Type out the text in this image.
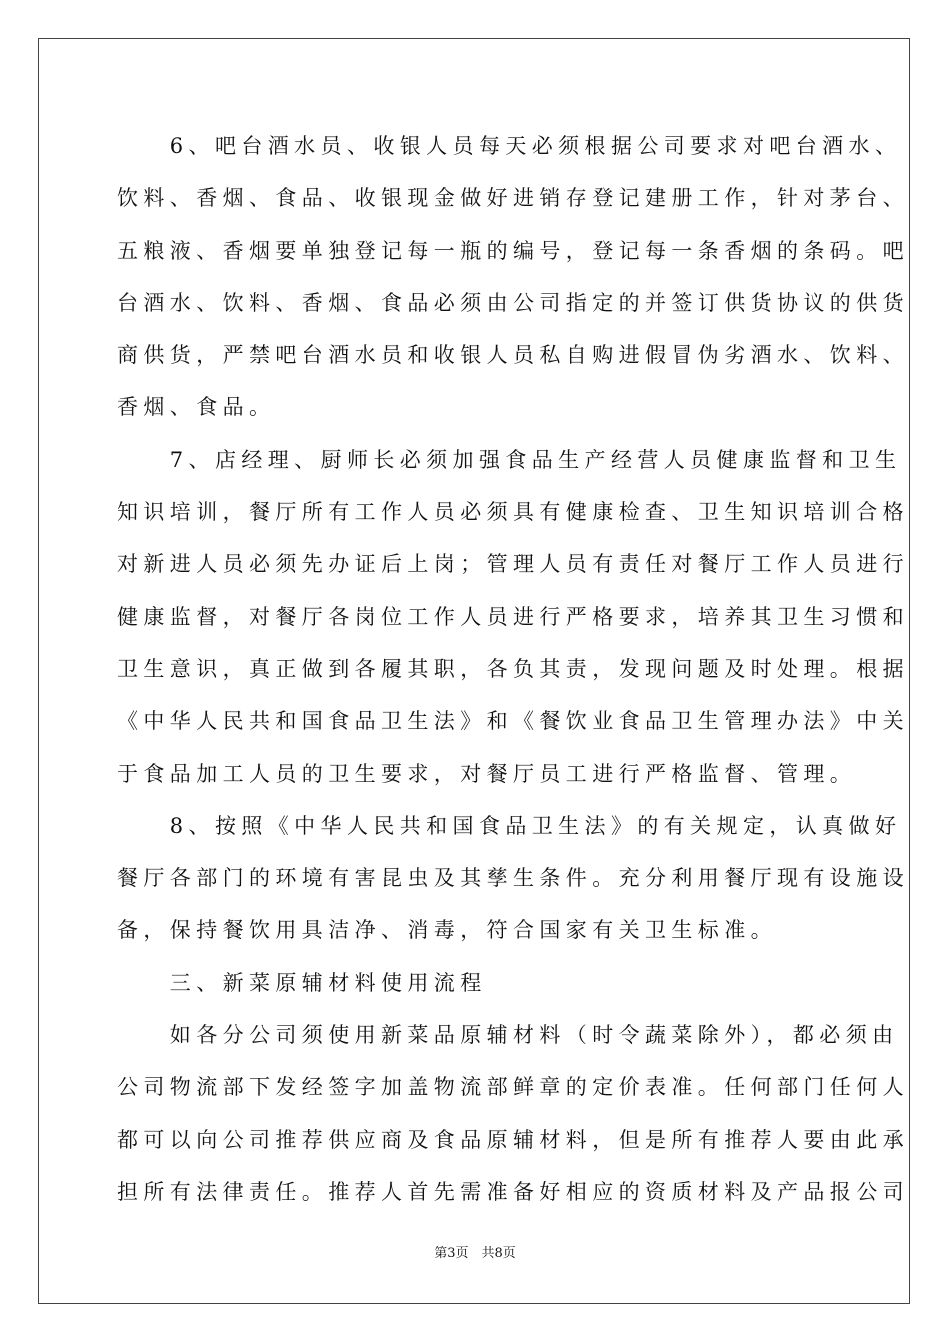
　　6、吧台酒水员、收银人员每天必须根据公司要求对吧台酒水、
饮料、香烟、食品、收银现金做好进销存登记建册工作，针对茅台、
五粮液、香烟要单独登记每一瓶的编号，登记每一条香烟的条码。吧
台酒水、饮料、香烟、食品必须由公司指定的并签订供货协议的供货
商供货，严禁吧台酒水员和收银人员私自购进假冒伪劣酒水、饮料、
香烟、食品。
　　7、店经理、厨师长必须加强食品生产经营人员健康监督和卫生
知识培训，餐厅所有工作人员必须具有健康检查、卫生知识培训合格
对新进人员必须先办证后上岗；管理人员有责任对餐厅工作人员进行
健康监督，对餐厅各岗位工作人员进行严格要求，培养其卫生习惯和
卫生意识，真正做到各履其职，各负其责，发现问题及时处理。根据
《中华人民共和国食品卫生法》和《餐饮业食品卫生管理办法》中关
于食品加工人员的卫生要求，对餐厅员工进行严格监督、管理。
　　8、按照《中华人民共和国食品卫生法》的有关规定，认真做好
餐厅各部门的环境有害昆虫及其孳生条件。充分利用餐厅现有设施设
备，保持餐饮用具洁净、消毒，符合国家有关卫生标准。
　　三、新菜原辅材料使用流程
　　如各分公司须使用新菜品原辅材料（时令蔬菜除外），都必须由
公司物流部下发经签字加盖物流部鲜章的定价表准。任何部门任何人
都可以向公司推荐供应商及食品原辅材料，但是所有推荐人要由此承
担所有法律责任。推荐人首先需准备好相应的资质材料及产品报公司
第3页　共8页
